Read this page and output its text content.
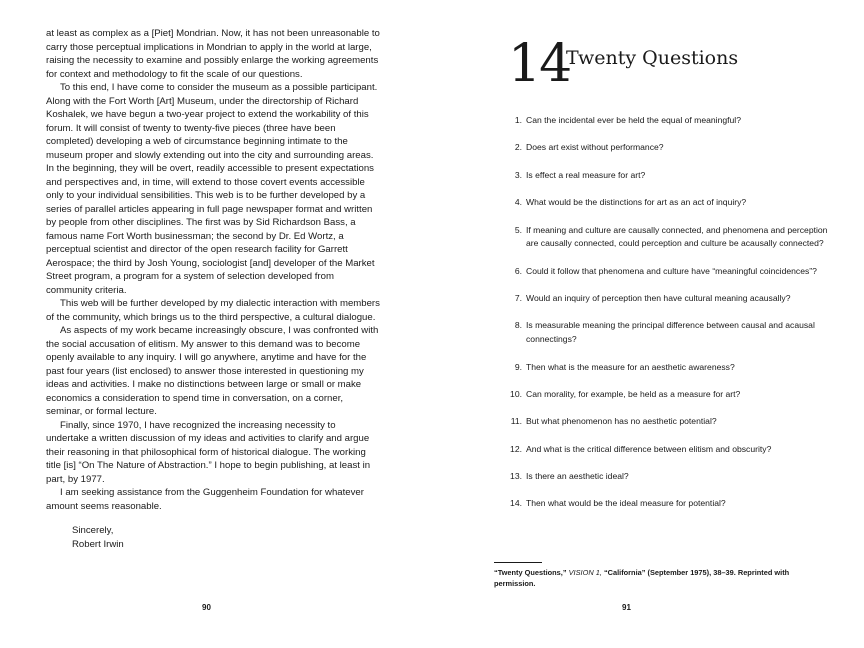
at least as complex as a [Piet] Mondrian. Now, it has not been unreasonable to carry those perceptual implications in Mondrian to apply in the world at large, raising the necessity to examine and possibly enlarge the working agreements for context and methodology to fit the scale of our questions.

To this end, I have come to consider the museum as a possible participant. Along with the Fort Worth [Art] Museum, under the directorship of Richard Koshalek, we have begun a two-year project to extend the workability of this forum. It will consist of twenty to twenty-five pieces (three have been completed) developing a web of circumstance beginning intimate to the museum proper and slowly extending out into the city and surrounding areas. In the beginning, they will be overt, readily accessible to present expectations and perspectives and, in time, will extend to those covert events accessible only to your individual sensibilities. This web is to be further developed by a series of parallel articles appearing in full page newspaper format and written by people from other disciplines. The first was by Sid Richardson Bass, a famous name Fort Worth businessman; the second by Dr. Ed Wortz, a perceptual scientist and director of the open research facility for Garrett Aerospace; the third by Josh Young, sociologist [and] developer of the Market Street program, a program for a system of selection developed from community criteria.

This web will be further developed by my dialectic interaction with members of the community, which brings us to the third perspective, a cultural dialogue.

As aspects of my work became increasingly obscure, I was confronted with the social accusation of elitism. My answer to this demand was to become openly available to any inquiry. I will go anywhere, anytime and have for the past four years (list enclosed) to answer those interested in questioning my ideas and activities. I make no distinctions between large or small or make economics a consideration to spend time in conversation, on a corner, seminar, or formal lecture.

Finally, since 1970, I have recognized the increasing necessity to undertake a written discussion of my ideas and activities to clarify and argue their reasoning in that philosophical form of historical dialogue. The working title [is] “On The Nature of Abstraction.” I hope to begin publishing, at least in part, by 1977.

I am seeking assistance from the Guggenheim Foundation for whatever amount seems reasonable.

Sincerely,
Robert Irwin
90
14
Twenty Questions
1. Can the incidental ever be held the equal of meaningful?
2. Does art exist without performance?
3. Is effect a real measure for art?
4. What would be the distinctions for art as an act of inquiry?
5. If meaning and culture are causally connected, and phenomena and perception are causally connected, could perception and culture be acausally connected?
6. Could it follow that phenomena and culture have “meaningful coincidences”?
7. Would an inquiry of perception then have cultural meaning acausally?
8. Is measurable meaning the principal difference between causal and acausal connectings?
9. Then what is the measure for an aesthetic awareness?
10. Can morality, for example, be held as a measure for art?
11. But what phenomenon has no aesthetic potential?
12. And what is the critical difference between elitism and obscurity?
13. Is there an aesthetic ideal?
14. Then what would be the ideal measure for potential?
“Twenty Questions,” VISION 1, “California” (September 1975), 38–39. Reprinted with permission.
91
